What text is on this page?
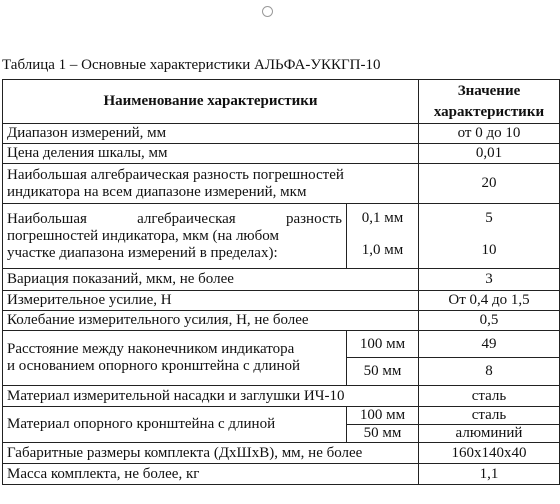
Таблица 1 – Основные характеристики АЛЬФА-УККГП-10
Наименование характеристики		Значение
характеристики

Диапазон измерений, мм		от 0 до 10
Цена деления шкалы, мм		0,01

Наибольшая алгебраическая разность погрешностей
индикатора на всем диапазоне измерений, мкм		20

Наибольшая алгебраическая разность
погрешностей индикатора, мкм (на любом
участке диапазона измерений в пределах):	0,1 мм	5
	1,0 мм	10
Вариация показаний, мкм, не более		3
Измерительное усилие, Н		От 0,4 до 1,5
Колебание измерительного усилия, Н, не более		0,5

Расстояние между наконечником индикатора
и основанием опорного кронштейна с длиной	100 мм	49
	50 мм	8
Материал измерительной насадки и заглушки ИЧ-10		сталь
Материал опорного кронштейна с длиной	100 мм	сталь
	50 мм	алюминий
Габаритные размеры комплекта (ДхШхВ), мм, не более		160х140х40
Масса комплекта, не более, кг		1,1
